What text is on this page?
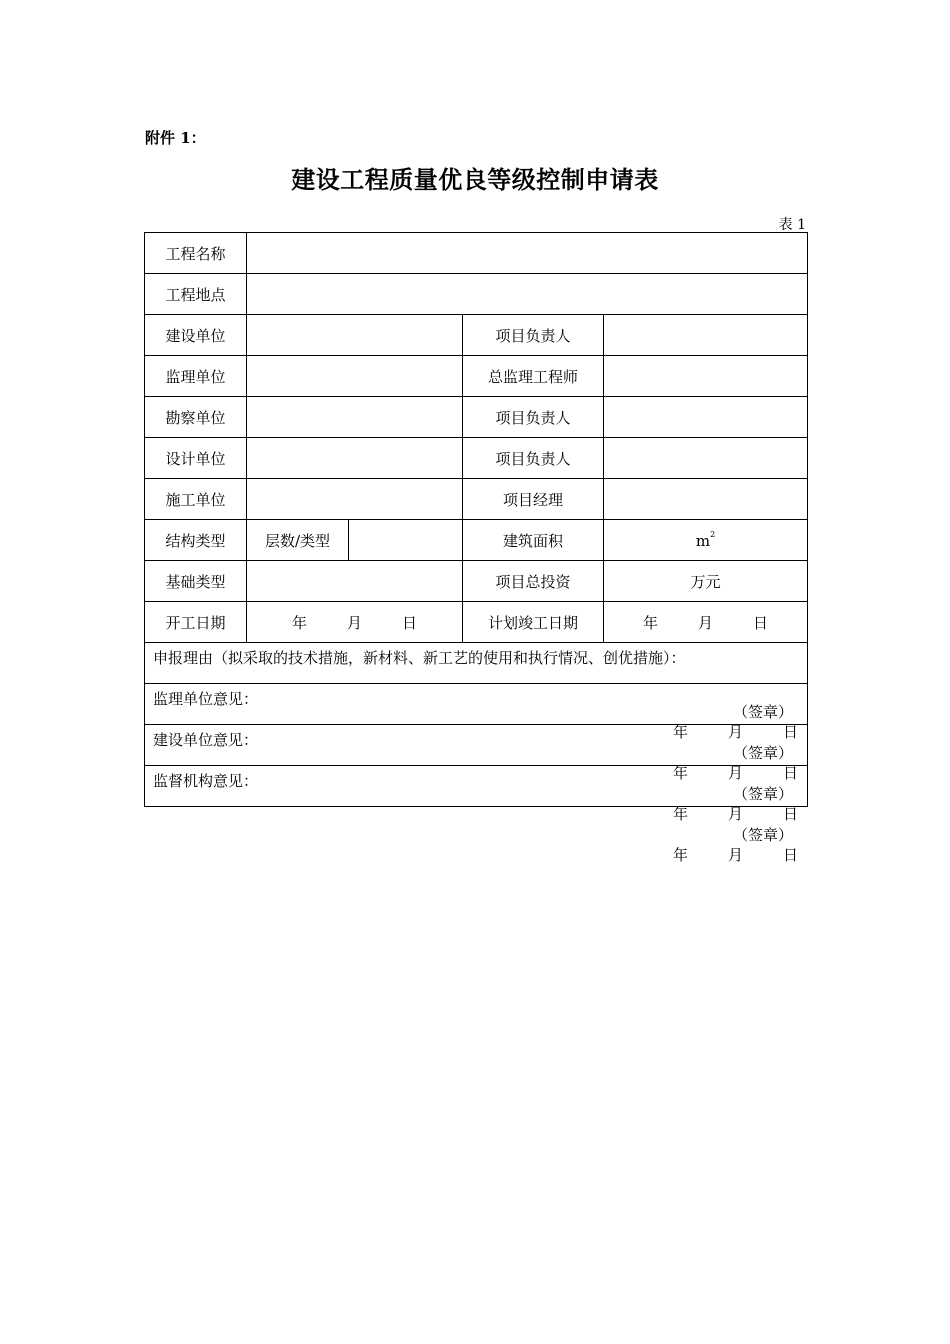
附件 1：
建设工程质量优良等级控制申请表
表 1
工程名称				
工程地点				
建设单位			项目负责人	
监理单位			总监理工程师	
勘察单位			项目负责人	
设计单位			项目负责人	
施工单位			项目经理	
结构类型	层数/类型		建筑面积	$m^2$
基础类型			项目总投资	万元
开工日期	年 月 日		计划竣工日期	年 月 日

申报理由（拟采取的技术措施，新材料、新工艺的使用和执行情况、创优措施）：
（签章）
年 月 日				

监理单位意见：
（签章）
年 月 日				

建设单位意见：
（签章）
年 月 日				

监督机构意见：
（签章）
年 月 日				
